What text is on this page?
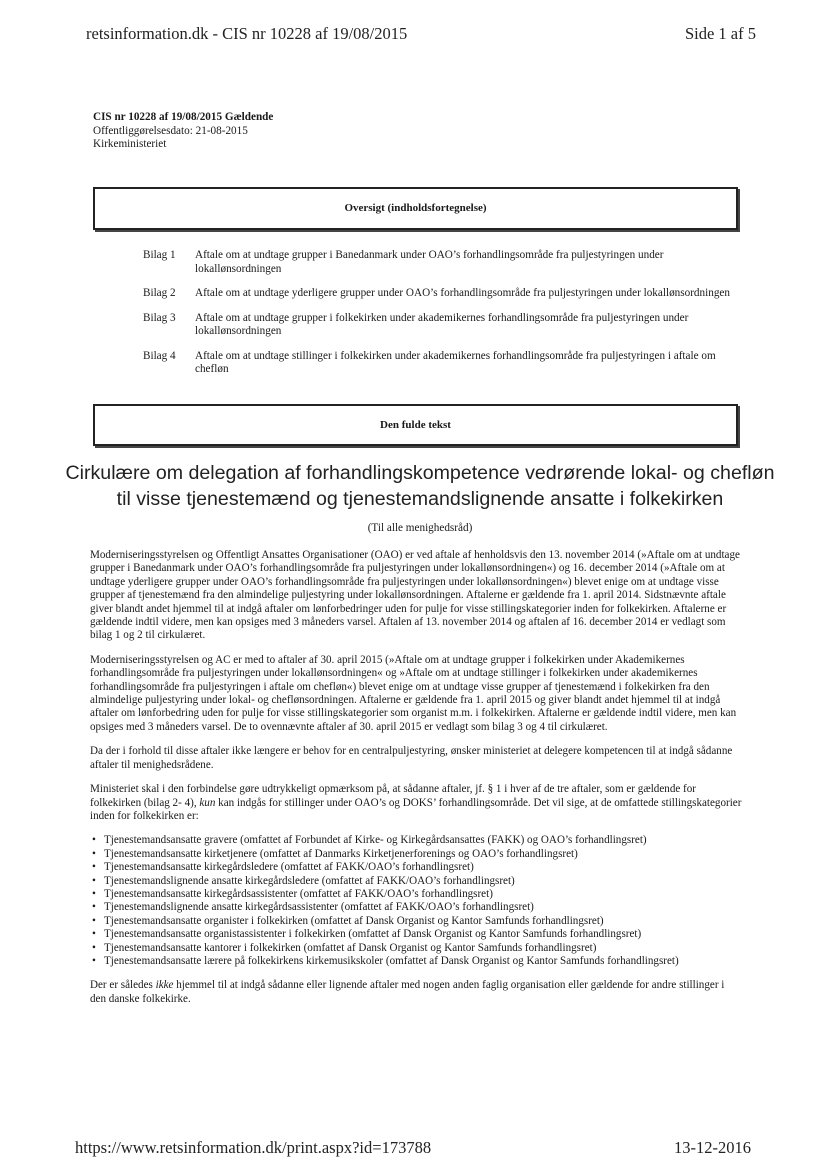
retsinformation.dk - CIS nr 10228 af 19/08/2015	Side 1 af 5
CIS nr 10228 af 19/08/2015 Gældende
Offentliggørelsesdato: 21-08-2015
Kirkeministeriet
Oversigt (indholdsfortegnelse)
Bilag 1	Aftale om at undtage grupper i Banedanmark under OAO’s forhandlingsområde fra puljestyringen under lokallønsordningen
Bilag 2	Aftale om at undtage yderligere grupper under OAO’s forhandlingsområde fra puljestyringen under lokallønsordningen
Bilag 3	Aftale om at undtage grupper i folkekirken under akademikernes forhandlingsområde fra puljestyringen under lokallønsordningen
Bilag 4	Aftale om at undtage stillinger i folkekirken under akademikernes forhandlingsområde fra puljestyringen i aftale om chefløn
Den fulde tekst
Cirkulære om delegation af forhandlingskompetence vedrørende lokal- og chefløn til visse tjenestemænd og tjenestemandslignende ansatte i folkekirken
(Til alle menighedsråd)

Moderniseringsstyrelsen og Offentligt Ansattes Organisationer (OAO) er ved aftale af henholdsvis den 13. november 2014 (»Aftale om at undtage grupper i Banedanmark under OAO’s forhandlingsområde fra puljestyringen under lokallønsordningen«) og 16. december 2014 (»Aftale om at undtage yderligere grupper under OAO’s forhandlingsområde fra puljestyringen under lokallønsordningen«) blevet enige om at undtage visse grupper af tjenestemænd fra den almindelige puljestyring under lokallønsordningen. Aftalerne er gældende fra 1. april 2014. Sidstnævnte aftale giver blandt andet hjemmel til at indgå aftaler om lønforbedringer uden for pulje for visse stillingskategorier inden for folkekirken. Aftalerne er gældende indtil videre, men kan opsiges med 3 måneders varsel. Aftalen af 13. november 2014 og aftalen af 16. december 2014 er vedlagt som bilag 1 og 2 til cirkulæret.

Moderniseringsstyrelsen og AC er med to aftaler af 30. april 2015 (»Aftale om at undtage grupper i folkekirken under Akademikernes forhandlingsområde fra puljestyringen under lokallønsordningen« og »Aftale om at undtage stillinger i folkekirken under akademikernes forhandlingsområde fra puljestyringen i aftale om chefløn«) blevet enige om at undtage visse grupper af tjenestemænd i folkekirken fra den almindelige puljestyring under lokal- og cheflønsordningen. Aftalerne er gældende fra 1. april 2015 og giver blandt andet hjemmel til at indgå aftaler om lønforbedring uden for pulje for visse stillingskategorier som organist m.m. i folkekirken. Aftalerne er gældende indtil videre, men kan opsiges med 3 måneders varsel. De to ovennævnte aftaler af 30. april 2015 er vedlagt som bilag 3 og 4 til cirkulæret.

Da der i forhold til disse aftaler ikke længere er behov for en centralpuljestyring, ønsker ministeriet at delegere kompetencen til at indgå sådanne aftaler til menighedsrådene.

Ministeriet skal i den forbindelse gøre udtrykkeligt opmærksom på, at sådanne aftaler, jf. § 1 i hver af de tre aftaler, som er gældende for folkekirken (bilag 2- 4), kun kan indgås for stillinger under OAO’s og DOKS’ forhandlingsområde. Det vil sige, at de omfattede stillingskategorier inden for folkekirken er:

• Tjenestemandsansatte gravere (omfattet af Forbundet af Kirke- og Kirkegårdsansattes (FAKK) og OAO’s forhandlingsret)
• Tjenestemandsansatte kirketjenere (omfattet af Danmarks Kirketjenerforenings og OAO’s forhandlingsret)
• Tjenestemandsansatte kirkegårdsledere (omfattet af FAKK/OAO’s forhandlingsret)
• Tjenestemandslignende ansatte kirkegårdsledere (omfattet af FAKK/OAO’s forhandlingsret)
• Tjenestemandsansatte kirkegårdsassistenter (omfattet af FAKK/OAO’s forhandlingsret)
• Tjenestemandslignende ansatte kirkegårdsassistenter (omfattet af FAKK/OAO’s forhandlingsret)
• Tjenestemandsansatte organister i folkekirken (omfattet af Dansk Organist og Kantor Samfunds forhandlingsret)
• Tjenestemandsansatte organistassistenter i folkekirken (omfattet af Dansk Organist og Kantor Samfunds forhandlingsret)
• Tjenestemandsansatte kantorer i folkekirken (omfattet af Dansk Organist og Kantor Samfunds forhandlingsret)
• Tjenestemandsansatte lærere på folkekirkens kirkemusikskoler (omfattet af Dansk Organist og Kantor Samfunds forhandlingsret)

Der er således ikke hjemmel til at indgå sådanne eller lignende aftaler med nogen anden faglig organisation eller gældende for andre stillinger i den danske folkekirke.

https://www.retsinformation.dk/print.aspx?id=173788	13-12-2016
